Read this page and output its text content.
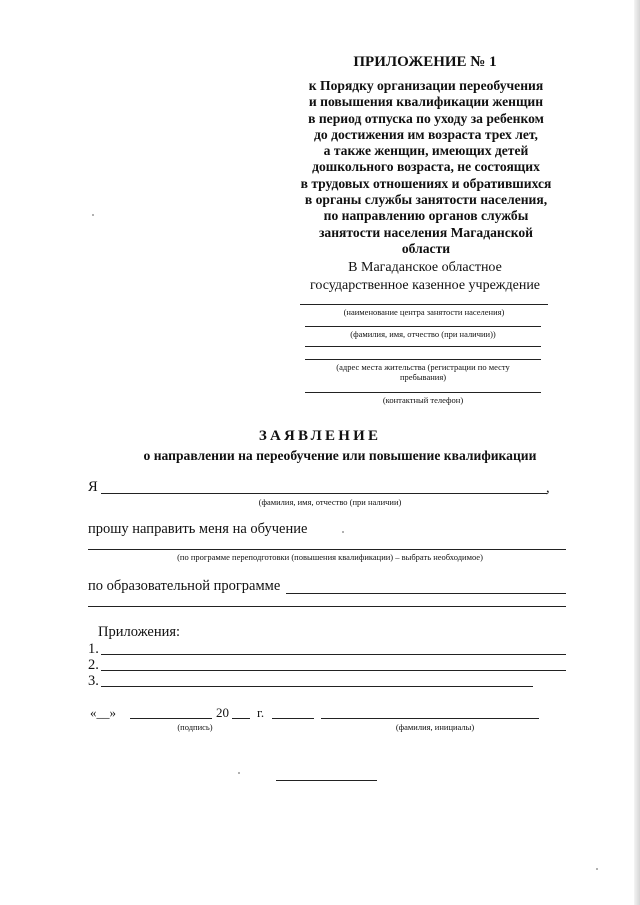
ПРИЛОЖЕНИЕ № 1
к Порядку организации переобучения
и повышения квалификации женщин
в период отпуска по уходу за ребенком
до достижения им возраста трех лет,
а также женщин, имеющих детей
дошкольного возраста, не состоящих
в трудовых отношениях и обратившихся
в органы службы занятости населения,
по направлению органов службы
занятости населения Магаданской
области
В Магаданское областное
государственное казенное учреждение
(наименование центра занятости населения)
(фамилия, имя, отчество (при наличии))
(адрес места жительства (регистрации по месту пребывания)
(контактный телефон)
ЗАЯВЛЕНИЕ
о направлении на переобучение или повышение квалификации
Я	,
(фамилия, имя, отчество (при наличии)
прошу направить меня на обучение
(по программе переподготовки (повышения квалификации) – выбрать необходимое)
по образовательной программе
Приложения:
1.
2.
3.
«__»	20 г.
(подпись)	(фамилия, инициалы)
